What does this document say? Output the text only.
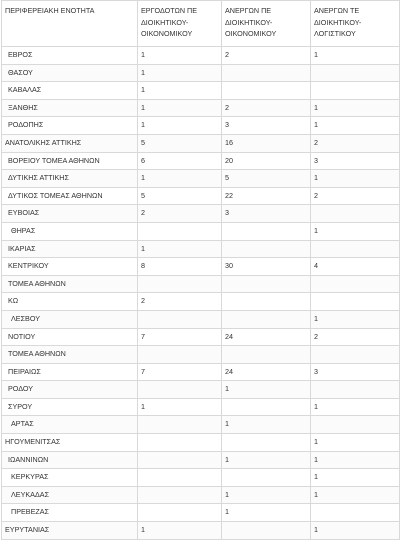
ΠΕΡΙΦΕΡΕΙΑΚΗ ΕΝΟΤΗΤΑ	ΕΡΓΟΔΟΤΩΝ ΠΕ ΔΙΟΙΚΗΤΙΚΟΥ-ΟΙΚΟΝΟΜΙΚΟΥ	ΑΝΕΡΓΩΝ ΠΕ ΔΙΟΙΚΗΤΙΚΟΥ-ΟΙΚΟΝΟΜΙΚΟΥ	ΑΝΕΡΓΩΝ ΤΕ ΔΙΟΙΚΗΤΙΚΟΥ-ΛΟΓΙΣΤΙΚΟΥ
ΕΒΡΟΣ	1	2	1
ΘΑΣΟΥ	1		
ΚΑΒΑΛΑΣ	1		
ΞΑΝΘΗΣ	1	2	1
ΡΟΔΟΠΗΣ	1	3	1
ΑΝΑΤΟΛΙΚΗΣ ΑΤΤΙΚΗΣ	5	16	2
ΒΟΡΕΙΟΥ ΤΟΜΕΑ ΑΘΗΝΩΝ	6	20	3
ΔΥΤΙΚΗΣ ΑΤΤΙΚΗΣ	1	5	1
ΔΥΤΙΚΟΣ ΤΟΜΕΑΣ ΑΘΗΝΩΝ	5	22	2
ΕΥΒΟΙΑΣ	2	3	
ΘΗΡΑΣ			1
ΙΚΑΡΙΑΣ	1		
ΚΕΝΤΡΙΚΟΥ	8	30	4
ΤΟΜΕΑ ΑΘΗΝΩΝ			
ΚΩ	2		
ΛΕΣΒΟΥ			1
ΝΟΤΙΟΥ	7	24	2
ΤΟΜΕΑ ΑΘΗΝΩΝ			
ΠΕΙΡΑΙΩΣ	7	24	3
ΡΟΔΟΥ		1	
ΣΥΡΟΥ	1		1
ΑΡΤΑΣ		1	
ΗΓΟΥΜΕΝΙΤΣΑΣ			1
ΙΩΑΝΝΙΝΩΝ		1	1
ΚΕΡΚΥΡΑΣ			1
ΛΕΥΚΑΔΑΣ		1	1
ΠΡΕΒΕΖΑΣ		1	
ΕΥΡΥΤΑΝΙΑΣ	1		1
